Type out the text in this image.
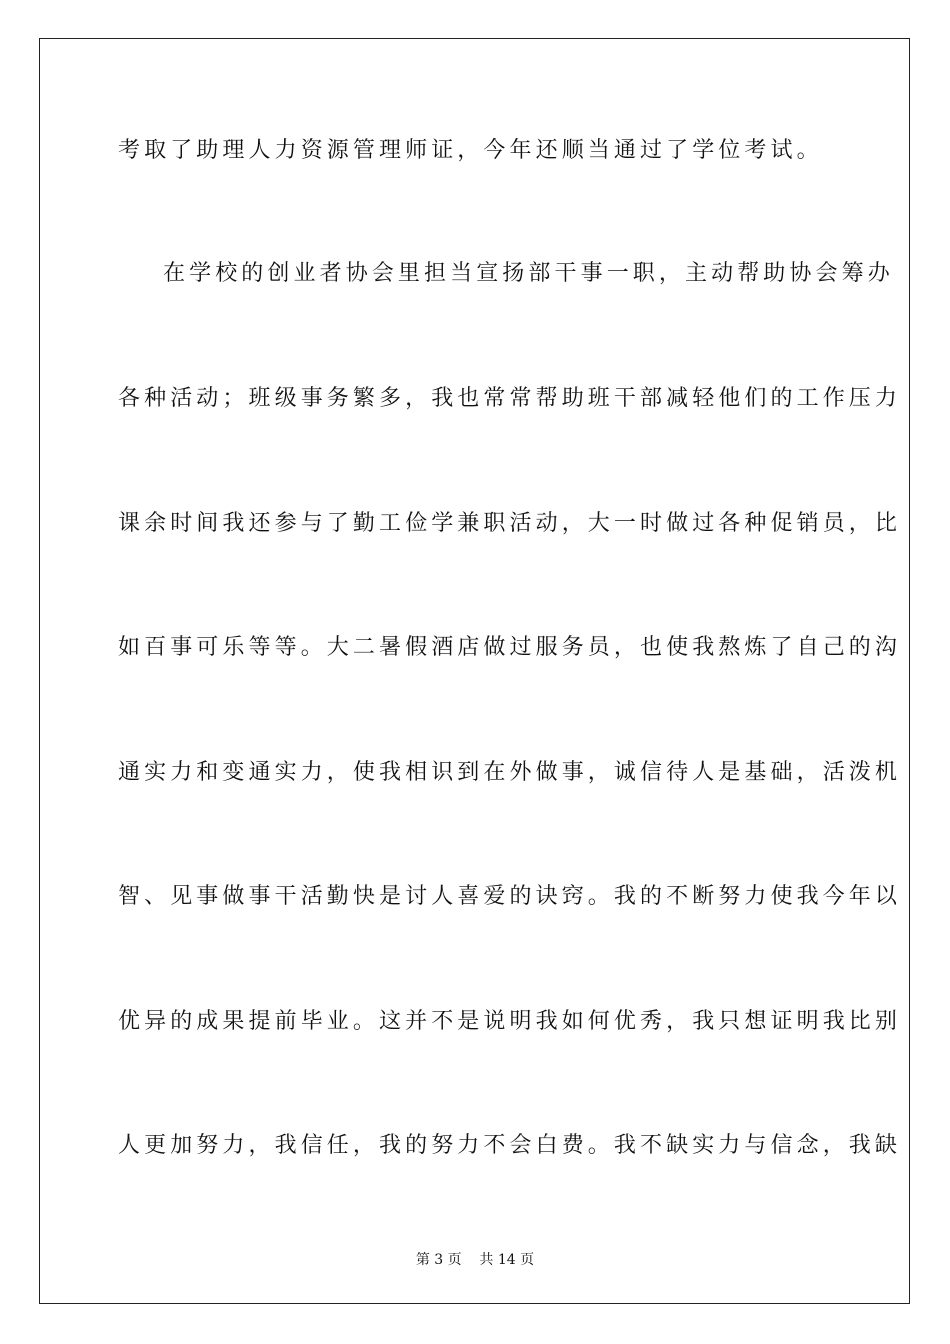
考取了助理人力资源管理师证，今年还顺当通过了学位考试。
在学校的创业者协会里担当宣扬部干事一职，主动帮助协会筹办
各种活动；班级事务繁多，我也常常帮助班干部减轻他们的工作压力
课余时间我还参与了勤工俭学兼职活动，大一时做过各种促销员，比
如百事可乐等等。大二暑假酒店做过服务员，也使我熬炼了自己的沟
通实力和变通实力，使我相识到在外做事，诚信待人是基础，活泼机
智、见事做事干活勤快是讨人喜爱的诀窍。我的不断努力使我今年以
优异的成果提前毕业。这并不是说明我如何优秀，我只想证明我比别
人更加努力，我信任，我的努力不会白费。我不缺实力与信念，我缺
第 3 页    共 14 页
